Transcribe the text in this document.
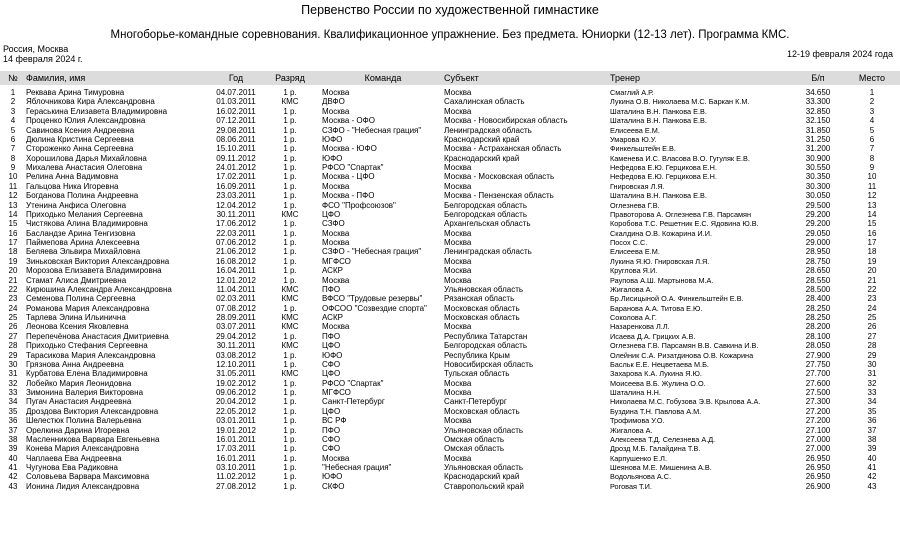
Первенство России по художественной гимнастике
Многоборье-командные соревнования. Квалификационное упражнение. Без предмета. Юниорки (12-13 лет). Программа КМС.
Россия, Москва
14 февраля 2024 г.	12-19 февраля 2024 года
№ Фамилия, имя	Год	Разряд	Команда	Субъект	Тренер	Б/п	Место
1	Реквава Арина Тимуровна	04.07.2011	1 р.	Москва	Москва	Смаглий А.Р.	34.650	1
2	Яблочникова Кира Александровна	01.03.2011	КМС	ДВФО	Сахалинская область	Лукина О.В. Николаева М.С. Баркан К.М.	33.300	2
3	Гераськина Елизавета Владимировна	16.02.2011	1 р.	Москва	Москва	Шаталина В.Н. Панкова Е.В.	32.850	3
4	Проценко Юлия Александровна	07.12.2011	1 р.	Москва - ОФО	Москва - Новосибирская область	Шаталина В.Н. Панкова Е.В.	32.150	4
5	Савинова Ксения Андреевна	29.08.2011	1 р.	СЗФО - "Небесная грация"	Ленинградская область	Елисеева Е.М.	31.850	5
6	Дюлина Кристина Сергеевна	08.06.2011	1 р.	ЮФО	Краснодарский край	Умарова Ю.У.	31.250	6
7	Стороженко Анна Сергеевна	15.10.2011	1 р.	Москва - ЮФО	Москва - Астраханская область	Финкельштейн Е.В.	31.200	7
8	Хорошилова Дарья Михайловна	09.11.2012	1 р.	ЮФО	Краснодарский край	Каменева И.С. Власова В.О. Гугуляк Е.В.	30.900	8
9	Михалева Анастасия Олеговна	24.01.2012	1 р.	РФСО "Спартак"	Москва	Нефедова Е.Ю. Герцикова Е.Н.	30.550	9
10	Релина Анна Вадимовна	17.02.2011	1 р.	Москва - ЦФО	Москва - Московская область	Нефедова Е.Ю. Герцикова Е.Н.	30.350	10
11	Гальцова Ника Игоревна	16.09.2011	1 р.	Москва	Москва	Гнировская Л.Я.	30.300	11
12	Богданова Полина Андреевна	23.03.2011	1 р.	Москва - ПФО	Москва - Пензенская область	Шаталина В.Н. Панкова Е.В.	30.050	12
13	Утенина Анфиса Олеговна	12.04.2012	1 р.	ФСО "Профсоюзов"	Белгородская область	Оглезнева Г.В.	29.500	13
14	Приходько Мелания Сергеевна	30.11.2011	КМС	ЦФО	Белгородская область	Правоторова А. Оглезнева Г.В. Парсамян	29.200	14
15	Чистякова Алина Владимировна	17.06.2012	1 р.	СЗФО	Архангельская область	Коробова Т.С. Решетник Е.С. Ядовина Ю.В.	29.200	15
16	Басландзе Арина Тенгизовна	22.03.2011	1 р.	Москва	Москва	Скалдина О.В. Кожарина И.И.	29.050	16
17	Паймепова Арина Алексеевна	07.06.2012	1 р.	Москва	Москва	Посох С.С.	29.000	17
18	Беляева Эльвира Михайловна	21.06.2012	1 р.	СЗФО - "Небесная грация"	Ленинградская область	Елисеева Е.М.	28.950	18
19	Зиньковская Виктория Александровна	16.08.2012	1 р.	МГФСО	Москва	Лукина Я.Ю. Гнировская Л.Я.	28.750	19
20	Морозова Елизавета Владимировна	16.04.2011	1 р.	АСКР	Москва	Круглова Я.И.	28.650	20
21	Стамат Алиса Дмитриевна	12.01.2012	1 р.	Москва	Москва	Раупова А.Ш. Мартынова М.А.	28.550	21
22	Кирюшина Александра Александровна	11.04.2011	КМС	ПФО	Ульяновская область	Жигалова А.	28.500	22
23	Семенова Полина Сергеевна	02.03.2011	КМС	ВФСО "Трудовые резервы"	Рязанская область	Бр.Лисицыной О.А. Финкельштейн Е.В.	28.400	23
24	Романова Мария Александровна	07.08.2012	1 р.	ОФСОО "Созвездие спорта"	Московская область	Баранова А.А. Титова Е.Ю.	28.250	24
25	Тарлева Элина Ильинична	28.09.2011	КМС	АСКР	Московская область	Соколова А.Г.	28.250	25
26	Леонова Ксения Яковлевна	03.07.2011	КМС	Москва	Москва	Назаренкова Л.Л.	28.200	26
27	Перепечёнова Анастасия Дмитриевна	29.04.2012	1 р.	ПФО	Республика Татарстан	Исаева Д.А. Грицких А.В.	28.100	27
28	Приходько Стефания Сергеевна	30.11.2011	КМС	ЦФО	Белгородская область	Оглезнева Г.В. Парсамян В.В. Савкина И.В.	28.050	28
29	Тарасикова Мария Александровна	03.08.2012	1 р.	ЮФО	Республика Крым	Олейник С.А. Ризатдинова О.В. Кожарина	27.900	29
30	Грязнова Анна Андреевна	12.10.2011	1 р.	СФО	Новосибирская область	Басльк Е.Е. Нецветаева М.Б.	27.750	30
31	Курбатова Елена Владимировна	31.05.2011	КМС	ЦФО	Тульская область	Захарова К.А. Лукина Я.Ю.	27.700	31
32	Лобейко Мария Леонидовна	19.02.2012	1 р.	РФСО "Спартак"	Москва	Моисеева В.Б. Жулина О.О.	27.600	32
33	Зимонина Валерия Викторовна	09.06.2012	1 р.	МГФСО	Москва	Шаталина Н.Н.	27.500	33
34	Пугач Анастасия Андреевна	20.04.2012	1 р.	Санкт-Петербург	Санкт-Петербург	Николаева М.С. Гобузова Э.В. Крылова А.А.	27.300	34
35	Дроздова Виктория Александровна	22.05.2012	1 р.	ЦФО	Московская область	Буздина Т.Н. Павлова А.М.	27.200	35
36	Шелестюк Полина Валерьевна	03.01.2011	1 р.	ВС РФ	Москва	Трофимова У.О.	27.200	36
37	Орелкина Дарина Игоревна	19.01.2012	1 р.	ПФО	Ульяновская область	Жигалова А.	27.100	37
38	Масленникова Варвара Евгеньевна	16.01.2011	1 р.	СФО	Омская область	Алексеева Т.Д. Селезнева А.Д.	27.000	38
39	Конева Мария Александровна	17.03.2011	1 р.	СФО	Омская область	Дрозд М.Б. Галайдина Т.В.	27.000	39
40	Чаплаева Ева Андреевна	16.01.2011	1 р.	Москва	Москва	Карпушенко Е.Л.	26.950	40
41	Чугунова Ева Радиковна	03.10.2011	1 р.	"Небесная грация"	Ульяновская область	Шеянова М.Е. Мишенина А.В.	26.950	41
42	Соловьева Варвара Максимовна	11.02.2012	1 р.	ЮФО	Краснодарский край	Водольянова А.С.	26.950	42
43	Ионина Лидия Александровна	27.08.2012	1 р.	СКФО	Ставропольский край	Роговая Т.И.	26.900	43
